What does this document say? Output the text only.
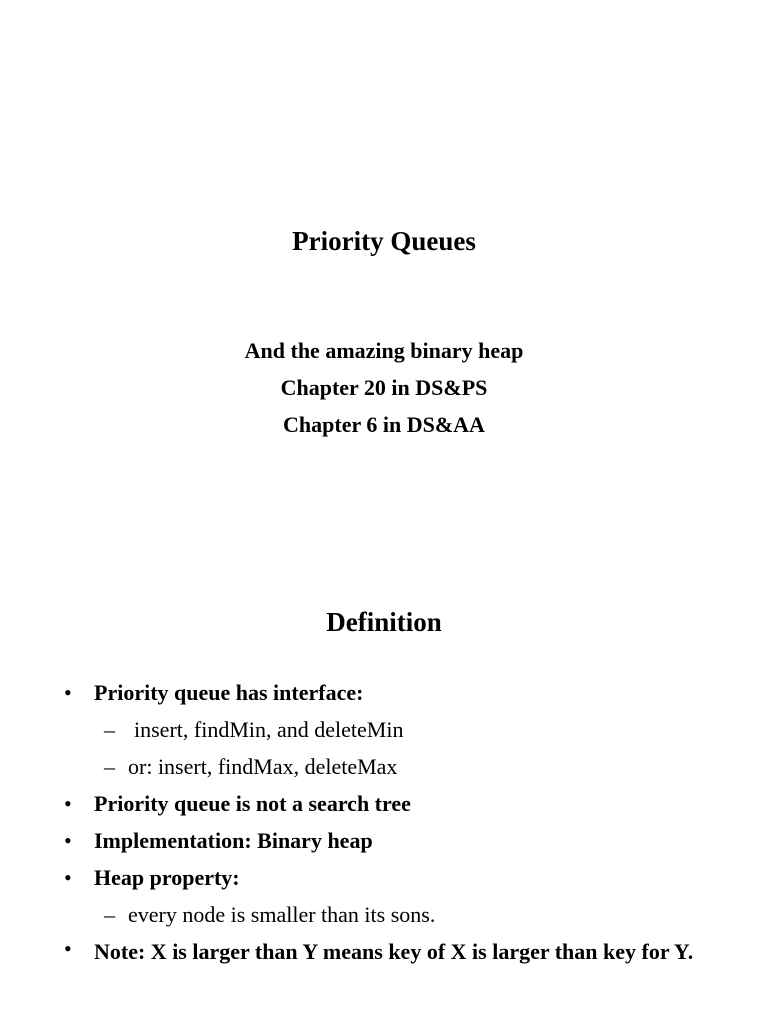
Priority Queues
And the amazing binary heap
Chapter 20 in DS&PS
Chapter 6 in DS&AA
Definition
• Priority queue has interface:
– insert, findMin, and deleteMin
– or: insert, findMax, deleteMax
• Priority queue is not a search tree
• Implementation: Binary heap
• Heap property:
– every node is smaller than its sons.
• Note: X is larger than Y means key of X is larger than key for Y.
